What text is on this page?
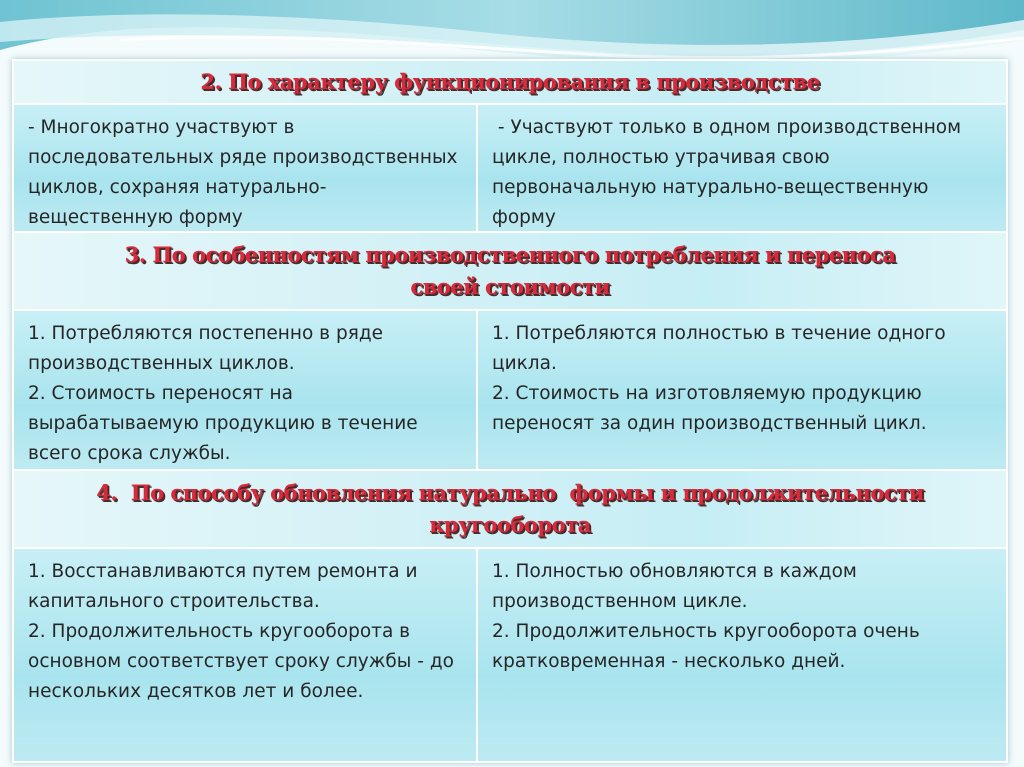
2. По характеру функционирования в производстве

- Многократно участвуют в последовательных ряде производственных циклов, сохраняя натурально-вещественную форму

- Участвуют только в одном производственном цикле, полностью утрачивая свою первоначальную натурально-вещественную форму

3. По особенностям производственного потребления и переноса
своей стоимости

1. Потребляются постепенно в ряде производственных циклов.

2. Стоимость переносят на вырабатываемую продукцию в течение всего срока службы.

1. Потребляются полностью в течение одного цикла.

2. Стоимость на изготовляемую продукцию переносят за один производственный цикл.

4.  По способу обновления натурально  формы и продолжительности
кругооборота

1. Восстанавливаются путем ремонта и капитального строительства.

2. Продолжительность кругооборота в основном соответствует сроку службы - до нескольких десятков лет и более.

1. Полностью обновляются в каждом производственном цикле.

2. Продолжительность кругооборота очень кратковременная - несколько дней.
